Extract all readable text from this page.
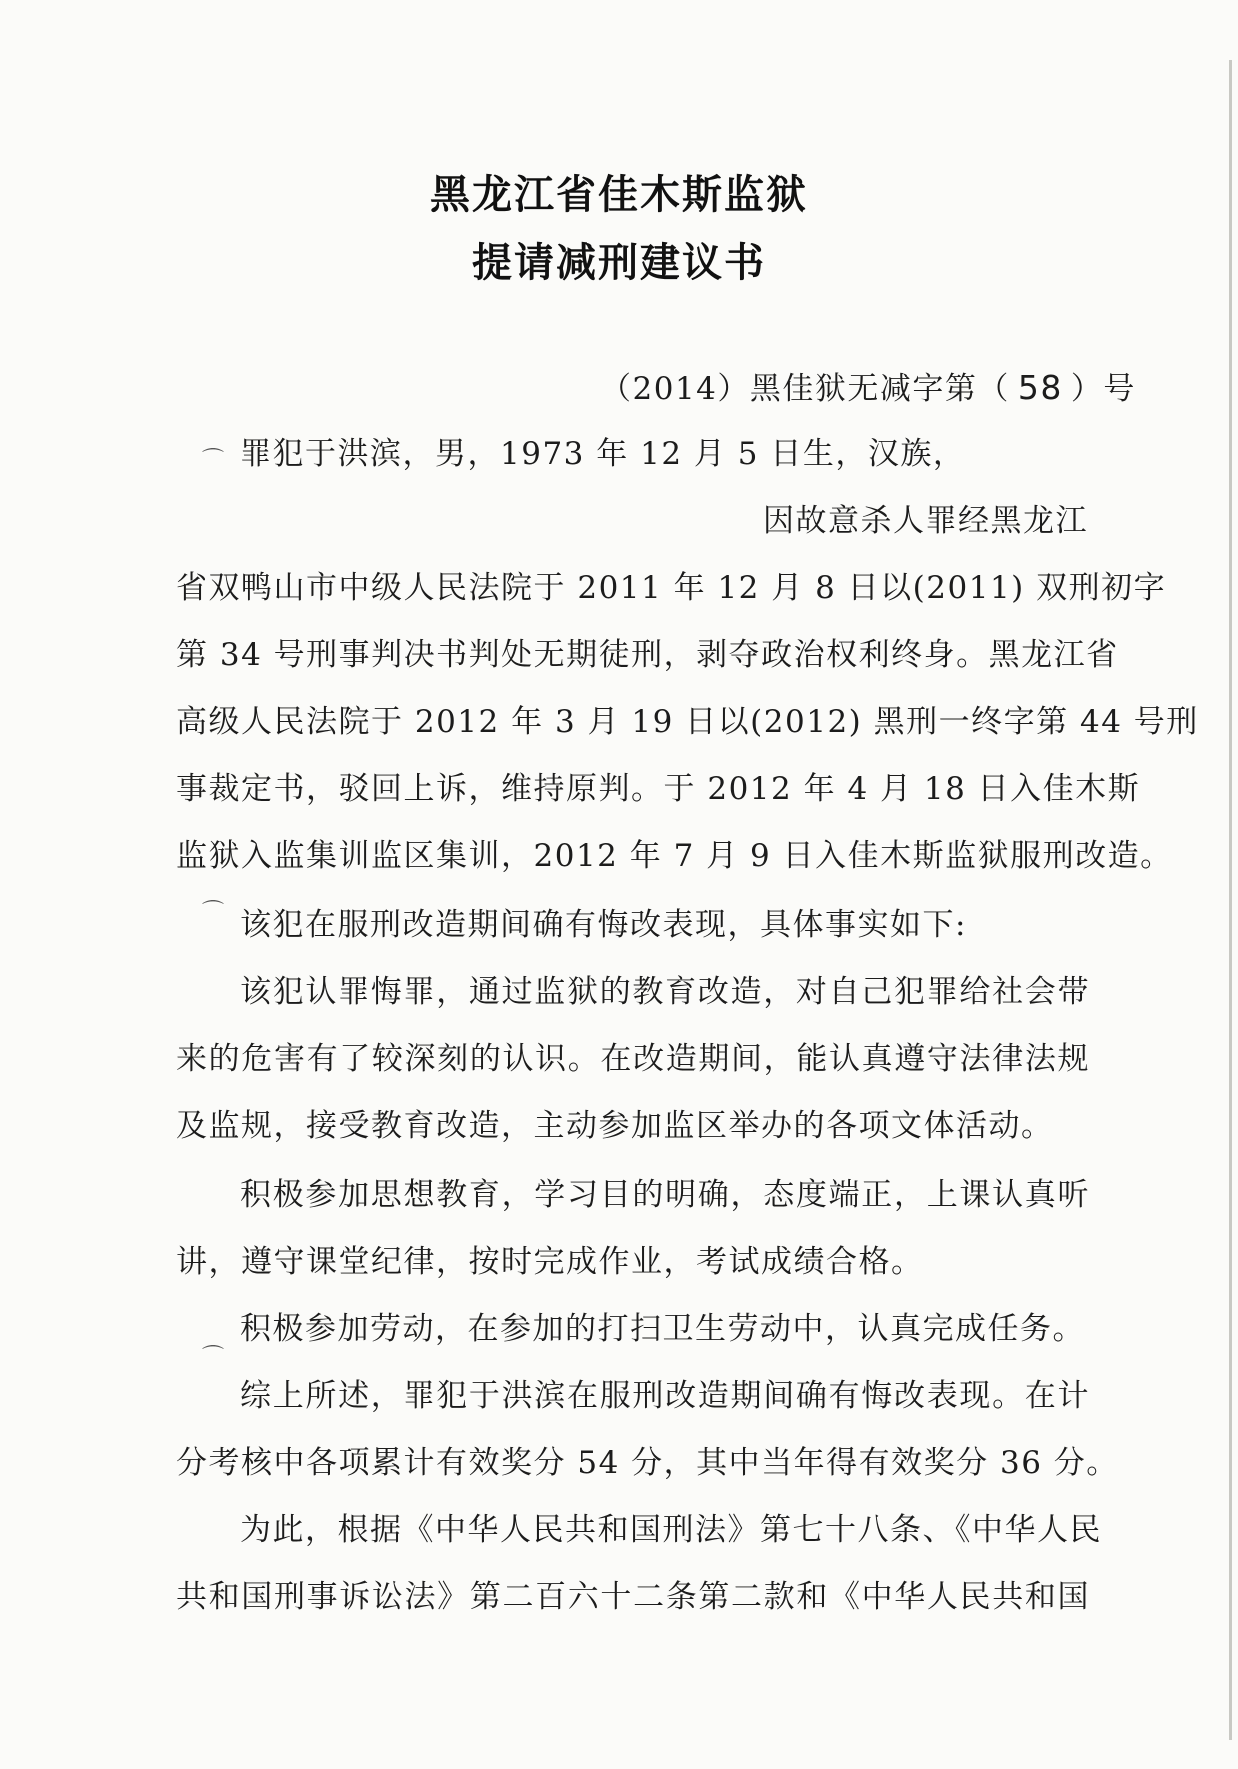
黑龙江省佳木斯监狱
提请减刑建议书
（2014）黑佳狱无减字第（ 58 ）号
⌒ 罪犯于洪滨，男，1973 年 12 月 5 日生，汉族，
因故意杀人罪经黑龙江
省双鸭山市中级人民法院于 2011 年 12 月 8 日以(2011) 双刑初字
第 34 号刑事判决书判处无期徒刑，剥夺政治权利终身。黑龙江省
高级人民法院于 2012 年 3 月 19 日以(2012) 黑刑一终字第 44 号刑
事裁定书，驳回上诉，维持原判。于 2012 年 4 月 18 日入佳木斯
监狱入监集训监区集训，2012 年 7 月 9 日入佳木斯监狱服刑改造。
⌒ 该犯在服刑改造期间确有悔改表现，具体事实如下:
该犯认罪悔罪，通过监狱的教育改造，对自己犯罪给社会带
来的危害有了较深刻的认识。在改造期间，能认真遵守法律法规
及监规，接受教育改造，主动参加监区举办的各项文体活动。
积极参加思想教育，学习目的明确，态度端正，上课认真听
讲，遵守课堂纪律，按时完成作业，考试成绩合格。
积极参加劳动，在参加的打扫卫生劳动中，认真完成任务。
⌒
综上所述，罪犯于洪滨在服刑改造期间确有悔改表现。在计
分考核中各项累计有效奖分 54 分，其中当年得有效奖分 36 分。
为此，根据《中华人民共和国刑法》第七十八条、《中华人民
共和国刑事诉讼法》第二百六十二条第二款和《中华人民共和国
